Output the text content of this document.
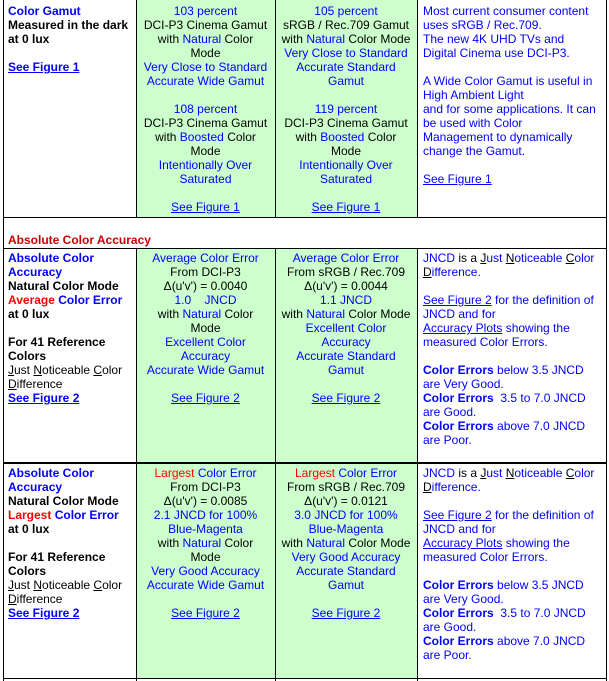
Color Gamut
Measured in the dark
at 0 lux
See Figure 1
103 percent
DCI-P3 Cinema Gamut
with Natural Color
Mode
Very Close to Standard
Accurate Wide Gamut
108 percent
DCI-P3 Cinema Gamut
with Boosted Color
Mode
Intentionally Over
Saturated
See Figure 1
105 percent
sRGB / Rec.709 Gamut
with Natural Color Mode
Very Close to Standard
Accurate Standard
Gamut
119 percent
DCI-P3 Cinema Gamut
with Boosted Color
Mode
Intentionally Over
Saturated
See Figure 1
Most current consumer content
uses sRGB / Rec.709.
The new 4K UHD TVs and
Digital Cinema use DCI-P3.
A Wide Color Gamut is useful in
High Ambient Light
and for some applications. It can
be used with Color
Management to dynamically
change the Gamut.
See Figure 1
Absolute Color Accuracy
Absolute Color
Accuracy
Natural Color Mode
Average Color Error
at 0 lux
For 41 Reference
Colors
Just Noticeable Color
Difference
See Figure 2
Average Color Error
From DCI-P3
Δ(u'v') = 0.0040
1.0    JNCD
with Natural Color
Mode
Excellent Color
Accuracy
Accurate Wide Gamut
See Figure 2
Average Color Error
From sRGB / Rec.709
Δ(u'v') = 0.0044
1.1 JNCD
with Natural Color Mode
Excellent Color
Accuracy
Accurate Standard
Gamut
See Figure 2
JNCD is a Just Noticeable Color
Difference.
See Figure 2 for the definition of
JNCD and for
Accuracy Plots showing the
measured Color Errors.
Color Errors below 3.5 JNCD
are Very Good.
Color Errors  3.5 to 7.0 JNCD
are Good.
Color Errors above 7.0 JNCD
are Poor.
Absolute Color
Accuracy
Natural Color Mode
Largest Color Error
at 0 lux
For 41 Reference
Colors
Just Noticeable Color
Difference
See Figure 2
Largest Color Error
From DCI-P3
Δ(u'v') = 0.0085
2.1 JNCD for 100%
Blue-Magenta
with Natural Color
Mode
Very Good Accuracy
Accurate Wide Gamut
See Figure 2
Largest Color Error
From sRGB / Rec.709
Δ(u'v') = 0.0121
3.0 JNCD for 100%
Blue-Magenta
with Natural Color Mode
Very Good Accuracy
Accurate Standard
Gamut
See Figure 2
JNCD is a Just Noticeable Color
Difference.
See Figure 2 for the definition of
JNCD and for
Accuracy Plots showing the
measured Color Errors.
Color Errors below 3.5 JNCD
are Very Good.
Color Errors  3.5 to 7.0 JNCD
are Good.
Color Errors above 7.0 JNCD
are Poor.
